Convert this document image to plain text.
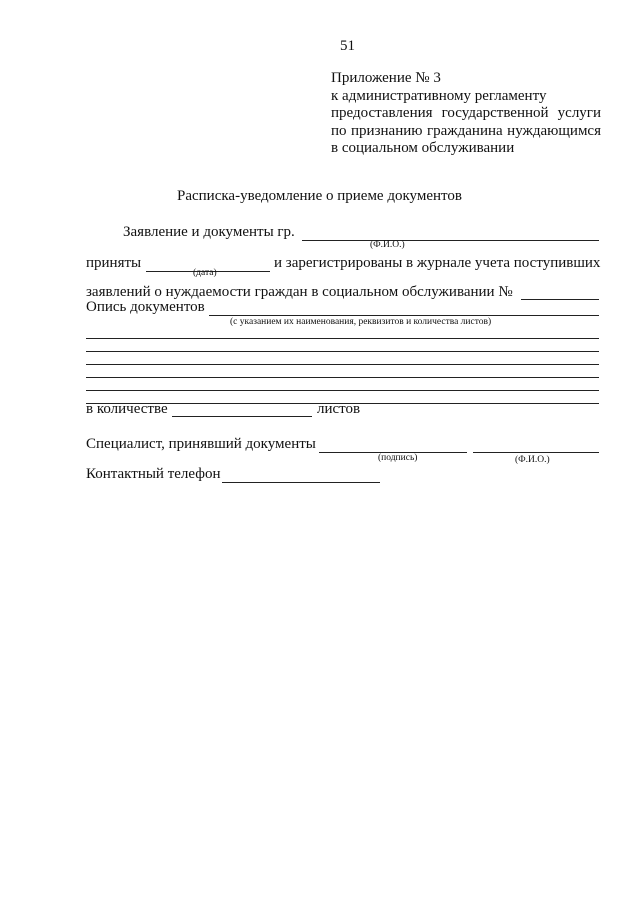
51
Приложение № 3
к административному регламенту
предоставления государственной услуги
по признанию гражданина нуждающимся
в социальном обслуживании
Расписка-уведомление о приеме документов
Заявление и документы гр.
(Ф.И.О.)
приняты
(дата)
и зарегистрированы в журнале учета поступивших
заявлений о нуждаемости граждан в социальном обслуживании №
Опись документов
(с указанием их наименования, реквизитов и количества листов)
в количестве	листов
Специалист, принявший документы
(подпись)	(Ф.И.О.)
Контактный телефон
